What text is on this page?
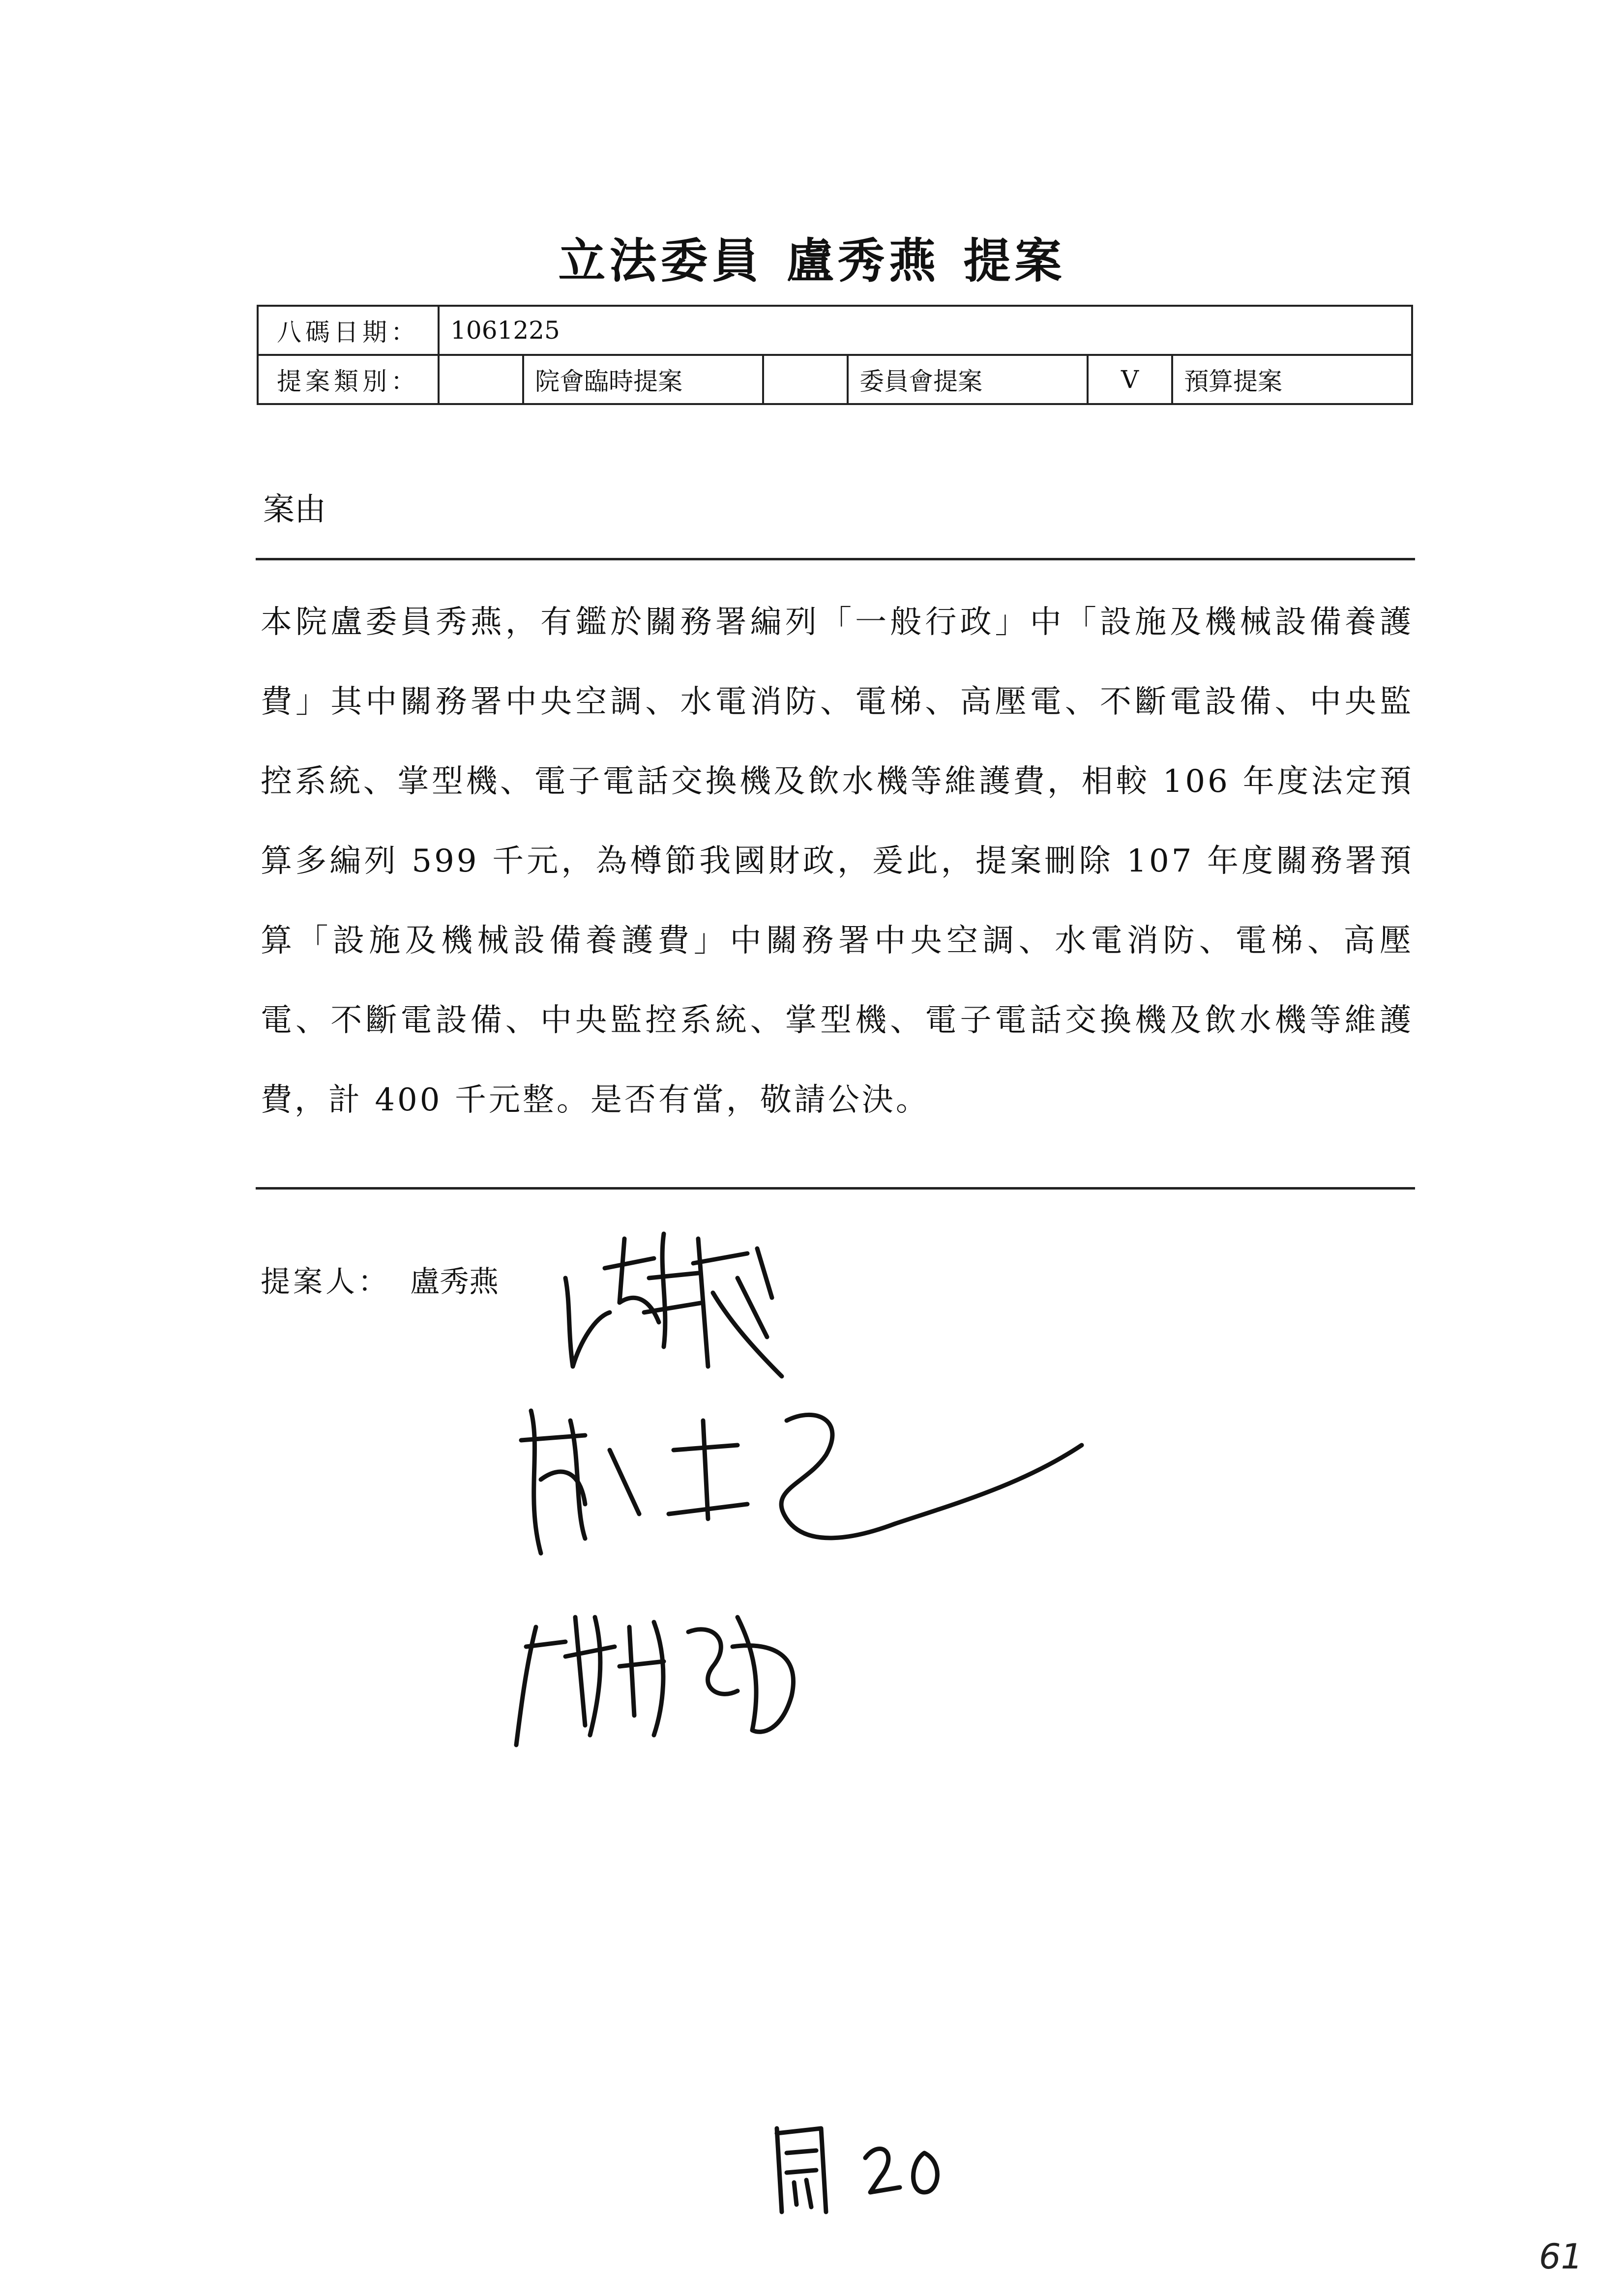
立法委員 盧秀燕 提案
八碼日期：	1061225					
提案類別：		院會臨時提案		委員會提案	V	預算提案
案由
本院盧委員秀燕，有鑑於關務署編列「一般行政」中「設施及機械設備養護費」其中關務署中央空調、水電消防、電梯、高壓電、不斷電設備、中央監控系統、掌型機、電子電話交換機及飲水機等維護費，相較 106 年度法定預算多編列 599 千元，為樽節我國財政，爰此，提案刪除 107 年度關務署預算「設施及機械設備養護費」中關務署中央空調、水電消防、電梯、高壓電、不斷電設備、中央監控系統、掌型機、電子電話交換機及飲水機等維護費，計 400 千元整。是否有當，敬請公決。
提案人： 盧秀燕
61
